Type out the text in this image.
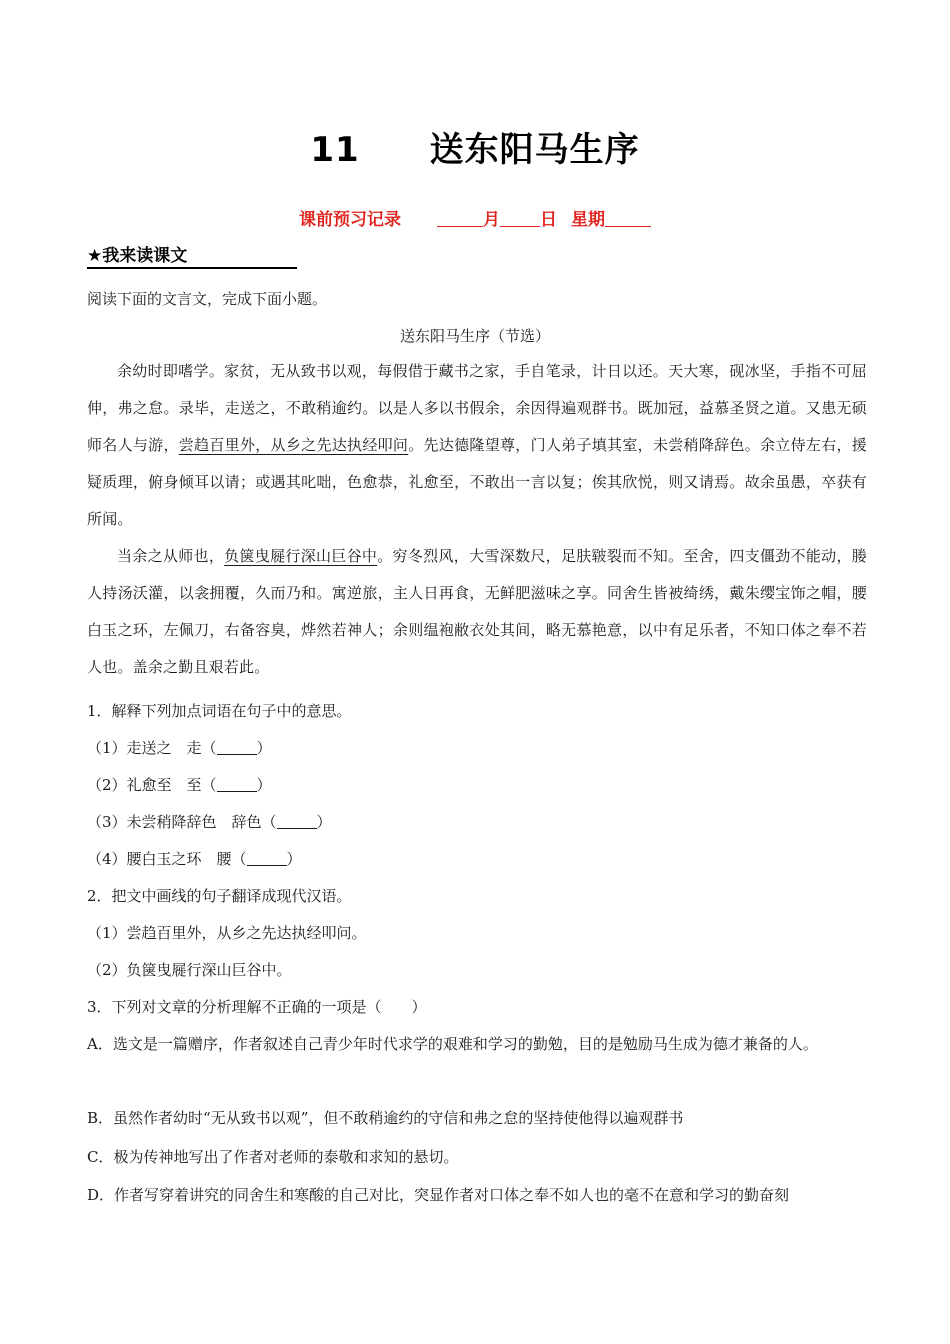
11 送东阳马生序
课前预习记录	月 日 星期
★我来读课文
阅读下面的文言文，完成下面小题。
送东阳马生序（节选）

余幼时即嗜学。家贫，无从致书以观，每假借于藏书之家，手自笔录，计日以还。天大寒，砚冰坚，手指不可屈伸，弗之怠。录毕，走送之，不敢稍逾约。以是人多以书假余，余因得遍观群书。既加冠，益慕圣贤之道。又患无硕师名人与游，尝趋百里外，从乡之先达执经叩问。先达德隆望尊，门人弟子填其室，未尝稍降辞色。余立侍左右，援疑质理，俯身倾耳以请；或遇其叱咄，色愈恭，礼愈至，不敢出一言以复；俟其欣悦，则又请焉。故余虽愚，卒获有所闻。

当余之从师也，负箧曳屣行深山巨谷中。穷冬烈风，大雪深数尺，足肤皲裂而不知。至舍，四支僵劲不能动，媵人持汤沃灌，以衾拥覆，久而乃和。寓逆旅，主人日再食，无鲜肥滋味之享。同舍生皆被绮绣，戴朱缨宝饰之帽，腰白玉之环，左佩刀，右备容臭，烨然若神人；余则缊袍敝衣处其间，略无慕艳意，以中有足乐者，不知口体之奉不若人也。盖余之勤且艰若此。

1．解释下列加点词语在句子中的意思。
（1）走送之　走（	）
（2）礼愈至　至（	）
（3）未尝稍降辞色　辞色（	）
（4）腰白玉之环　腰（	）
2．把文中画线的句子翻译成现代汉语。
（1）尝趋百里外，从乡之先达执经叩问。
（2）负箧曳屣行深山巨谷中。
3．下列对文章的分析理解不正确的一项是（　　）
A．选文是一篇赠序，作者叙述自己青少年时代求学的艰难和学习的勤勉，目的是勉励马生成为德才兼备的人。
B．虽然作者幼时“无从致书以观”，但不敢稍逾约的守信和弗之怠的坚持使他得以遍观群书
C．极为传神地写出了作者对老师的泰敬和求知的悬切。
D．作者写穿着讲究的同舍生和寒酸的自己对比，突显作者对口体之奉不如人也的毫不在意和学习的勤奋刻
